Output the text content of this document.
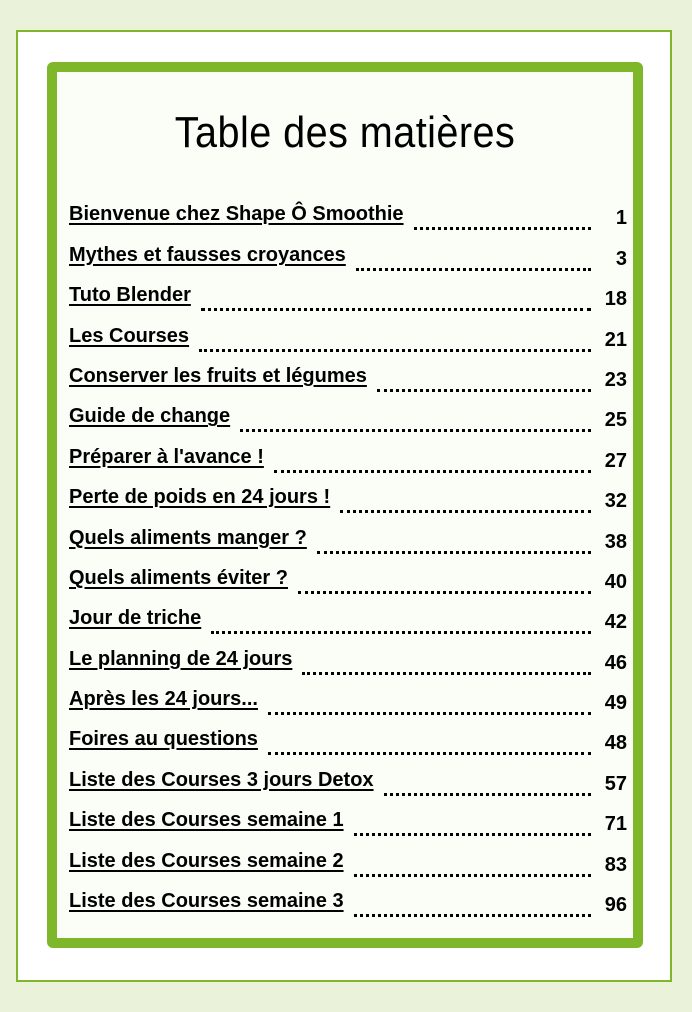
Table des matières
Bienvenue chez Shape Ô Smoothie	1
Mythes et fausses croyances	3
Tuto Blender	18
Les Courses	21
Conserver les fruits et légumes	23
Guide de change	25
Préparer à l'avance !	27
Perte de poids en 24 jours !	32
Quels aliments manger ?	38
Quels aliments éviter ?	40
Jour de triche	42
Le planning de 24 jours	46
Après les 24 jours...	49
Foires au questions	48
Liste des Courses 3 jours Detox	57
Liste des Courses semaine 1	71
Liste des Courses semaine 2	83
Liste des Courses semaine 3	96
